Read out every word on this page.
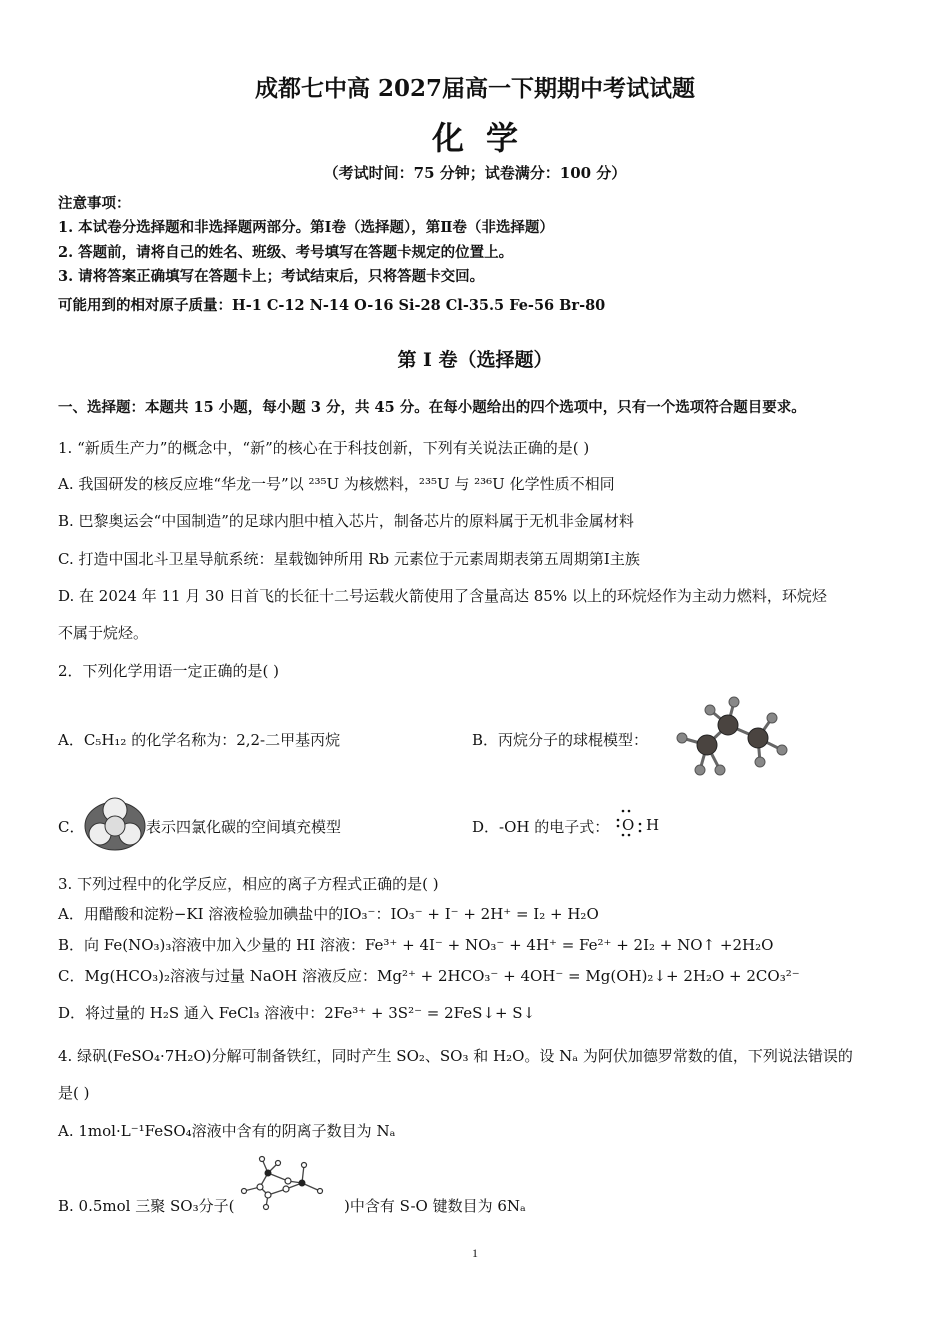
成都七中高 2027届高一下期期中考试试题
化学
（考试时间：75 分钟；试卷满分：100 分）
注意事项：
1. 本试卷分选择题和非选择题两部分。第Ⅰ卷（选择题），第Ⅱ卷（非选择题）
2. 答题前，请将自己的姓名、班级、考号填写在答题卡规定的位置上。
3. 请将答案正确填写在答题卡上；考试结束后，只将答题卡交回。
可能用到的相对原子质量：H-1 C-12 N-14 O-16 Si-28 Cl-35.5 Fe-56 Br-80
第 I 卷（选择题）
一、选择题：本题共 15 小题，每小题 3 分，共 45 分。在每小题给出的四个选项中，只有一个选项符合题目要求。
1. “新质生产力”的概念中，“新”的核心在于科技创新，下列有关说法正确的是( )
A. 我国研发的核反应堆“华龙一号”以 ²³⁵U 为核燃料，²³⁵U 与 ²³⁶U 化学性质不相同
B. 巴黎奥运会“中国制造”的足球内胆中植入芯片，制备芯片的原料属于无机非金属材料
C. 打造中国北斗卫星导航系统：星载铷钟所用 Rb 元素位于元素周期表第五周期第Ⅰ主族
D. 在 2024 年 11 月 30 日首飞的长征十二号运载火箭使用了含量高达 85% 以上的环烷烃作为主动力燃料，环烷烃
不属于烷烃。
2．下列化学用语一定正确的是( )
A．C₅H₁₂ 的化学名称为：2,2-二甲基丙烷	B．丙烷分子的球棍模型：
C．	表示四氯化碳的空间填充模型	D．-OH 的电子式： O H
3. 下列过程中的化学反应，相应的离子方程式正确的是( )
A．用醋酸和淀粉−KI 溶液检验加碘盐中的IO₃⁻：IO₃⁻ + I⁻ + 2H⁺ = I₂ + H₂O
B．向 Fe(NO₃)₃溶液中加入少量的 HI 溶液：Fe³⁺ + 4I⁻ + NO₃⁻ + 4H⁺ = Fe²⁺ + 2I₂ + NO↑ +2H₂O
C．Mg(HCO₃)₂溶液与过量 NaOH 溶液反应：Mg²⁺ + 2HCO₃⁻ + 4OH⁻ = Mg(OH)₂↓+ 2H₂O + 2CO₃²⁻
D．将过量的 H₂S 通入 FeCl₃ 溶液中：2Fe³⁺ + 3S²⁻ = 2FeS↓+ S↓
4. 绿矾(FeSO₄·7H₂O)分解可制备铁红，同时产生 SO₂、SO₃ 和 H₂O。设 Nₐ 为阿伏加德罗常数的值，下列说法错误的
是( )
A. 1mol·L⁻¹FeSO₄溶液中含有的阴离子数目为 Nₐ
B. 0.5mol 三聚 SO₃分子(	)中含有 S-O 键数目为 6Nₐ
1
